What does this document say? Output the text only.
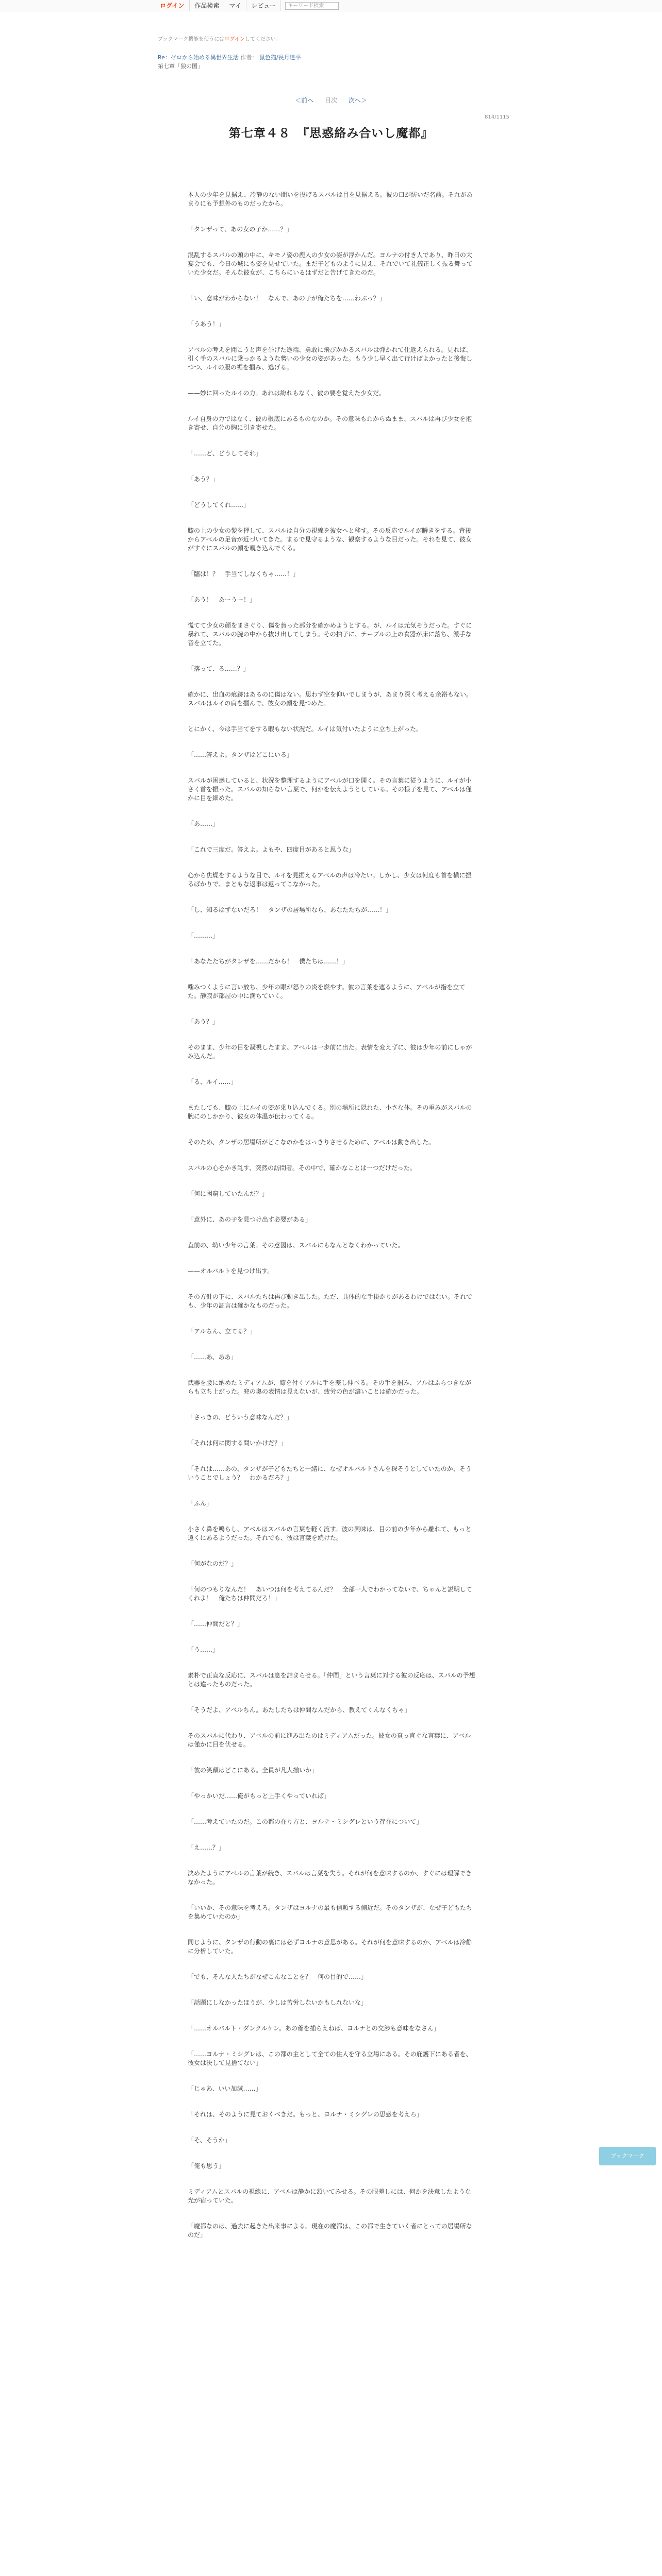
ログイン	作品検索	マイ	レビュー	キーワード検索
ブックマーク機能を使うにはログインしてください。
Re：ゼロから始める異世界生活 作者： 鼠色猫/長月達平
第七章「狼の国」
＜前へ 目次 次へ＞
814/1115
第七章４８　『思惑絡み合いし魔都』

本人の少年を見据え、冷静のない間いを投げるスバルは目を見据える。彼の口が紡いだ名前。それがあまりにも予想外のものだったから。

「タンザって、あの女の子か……？」

混乱するスバルの頭の中に、キモノ姿の鹿人の少女の姿が浮かんだ。ヨルナの付き人であり、昨日の大宴会でも、今日の城にも姿を見せていた。まだ子どものように見え、それでいて礼儀正しく振る舞っていた少女だ。そんな彼女が、こちらにいるはずだと告げてきたのだ。

「い、意味がわからない！　なんで、あの子が俺たちを……わぷっ？」

「うあう！」

アベルの考えを聞こうと声を挙げた途端、勇敢に飛びかかるスバルは弾かれて仕返えられる。見れば、引く手のスバルに乗っかるような勢いの少女の姿があった。もう少し早く出て行けばよかったと後悔しつつ、ルイの服の裾を掴み、逃げる。

——妙に回ったルイの力。あれは紛れもなく、彼の要を覚えた少女だ。

ルイ自身の力ではなく、彼の根底にあるものなのか。その意味もわからぬまま、スバルは再び少女を抱き寄せ、自分の胸に引き寄せた。

「……ど、どうしてそれ」

「あう？」

「どうしてくれ……」

膝の上の少女の髪を押して、スバルは自分の視線を彼女へと移す。その反応でルイが瞬きをする。背後からアベルの足音が近づいてきた。まるで見守るような、観察するような目だった。それを見て、彼女がすぐにスバルの顔を覗き込んでくる。

「臨は！？　手当てしなくちゃ……！」

「あう！　あーうー！」

慌てて少女の顔をまさぐり、傷を負った部分を確かめようとする。が、ルイは元気そうだった。すぐに暴れて、スバルの腕の中から抜け出してしまう。その拍子に、テーブルの上の食器が床に落ち、派手な音を立てた。

「落って、る……？」

確かに、出血の痕跡はあるのに傷はない。思わず空を仰いでしまうが、あまり深く考える余裕もない。スバルはルイの肩を掴んで、彼女の顔を見つめた。

とにかく、今は手当てをする暇もない状況だ。ルイは気付いたように立ち上がった。

「……答えよ。タンザはどこにいる」

スバルが困惑していると、状況を整理するようにアベルが口を開く。その言葉に従うように、ルイが小さく首を振った。スバルの知らない言葉で、何かを伝えようとしている。その様子を見て、アベルは僅かに目を細めた。

「あ……」

「これで三度だ。答えよ。よもや、四度目があると思うな」

心から焦燥をするような目で、ルイを見据えるアベルの声は冷たい。しかし、少女は何度も首を横に振るばかりで、まともな返事は返ってこなかった。

「し、知るはずないだろ！　タンザの居場所なら、あなたたちが……！」

「………」

「あなたたちがタンザを……だから！　僕たちは……！」

噛みつくように言い放ち、少年の眼が怒りの炎を燃やす。彼の言葉を遮るように、アベルが指を立てた。静寂が部屋の中に満ちていく。

「あう？」

そのまま、少年の目を凝視したまま、アベルは一歩前に出た。表情を変えずに、彼は少年の前にしゃがみ込んだ。

「る、ルイ……」

またしても、膝の上にルイの姿が乗り込んでくる。別の場所に隠れた、小さな体。その重みがスバルの腕にのしかかり、彼女の体温が伝わってくる。

そのため、タンザの居場所がどこなのかをはっきりさせるために、アベルは動き出した。

スバルの心をかき乱す、突然の訪問者。その中で、確かなことは一つだけだった。

「何に困窮していたんだ？」

「意外に、あの子を見つけ出す必要がある」

直前の、幼い少年の言葉。その意図は、スバルにもなんとなくわかっていた。

——オルバルトを見つけ出す。

その方針の下に、スバルたちは再び動き出した。ただ、具体的な手掛かりがあるわけではない。それでも、少年の証言は確かなものだった。

「アルちん、立てる？」

「……あ、ああ」

武器を腰に納めたミディアムが、膝を付くアルに手を差し伸べる。その手を掴み、アルはふらつきながらも立ち上がった。兜の奥の表情は見えないが、疲労の色が濃いことは確かだった。

「さっきの、どういう意味なんだ？」

「それは何に関する問いかけだ？」

「それは……あの、タンザが子どもたちと一緒に、なぜオルバルトさんを探そうとしていたのか、そういうことでしょう？　わかるだろ？」

「ふん」

小さく鼻を鳴らし、アベルはスバルの言葉を軽く流す。彼の興味は、目の前の少年から離れて、もっと遠くにあるようだった。それでも、彼は言葉を続けた。

「何がなのだ？」

「何のつもりなんだ！　あいつは何を考えてるんだ？　全部一人でわかってないで、ちゃんと説明してくれよ！　俺たちは仲間だろ！」

「……仲間だと？」

「う……」

素朴で正直な反応に、スバルは息を詰まらせる。「仲間」という言葉に対する彼の反応は、スバルの予想とは違ったものだった。

「そうだよ、アベルちん。あたしたちは仲間なんだから、教えてくんなくちゃ」

そのスバルに代わり、アベルの前に進み出たのはミディアムだった。彼女の真っ直ぐな言葉に、アベルは僅かに目を伏せる。

「彼の笑顔はどこにある。全員が凡人揃いか」

「やっかいだ……俺がもっと上手くやっていれば」

「……考えていたのだ。この都の在り方と、ヨルナ・ミシグレという存在について」

「え……？」

決めたようにアベルの言葉が続き、スバルは言葉を失う。それが何を意味するのか、すぐには理解できなかった。

「いいか、その意味を考えろ。タンザはヨルナの最も信頼する側近だ。そのタンザが、なぜ子どもたちを集めていたのか」

同じように、タンザの行動の裏には必ずヨルナの意思がある。それが何を意味するのか、アベルは冷静に分析していた。

「でも、そんな人たちがなぜこんなことを？　何の目的で……」

「話題にしなかったほうが、少しは苦労しないかもしれないな」

「……オルバルト・ダンクルケン。あの爺を捕らえねば、ヨルナとの交渉も意味をなさん」

「……ヨルナ・ミシグレは、この都の主として全ての住人を守る立場にある。その庇護下にある者を、彼女は決して見捨てない」

「じゃあ、いい加減……」

「それは、そのように見ておくべきだ。もっと、ヨルナ・ミシグレの思惑を考えろ」

「そ、そうか」

「俺も思う」

ミディアムとスバルの視線に、アベルは静かに頷いてみせる。その眼差しには、何かを決意したような光が宿っていた。

「魔都なのは、過去に起きた出来事による。現在の魔都は、この都で生きていく者にとっての居場所なのだ」

ブックマーク
